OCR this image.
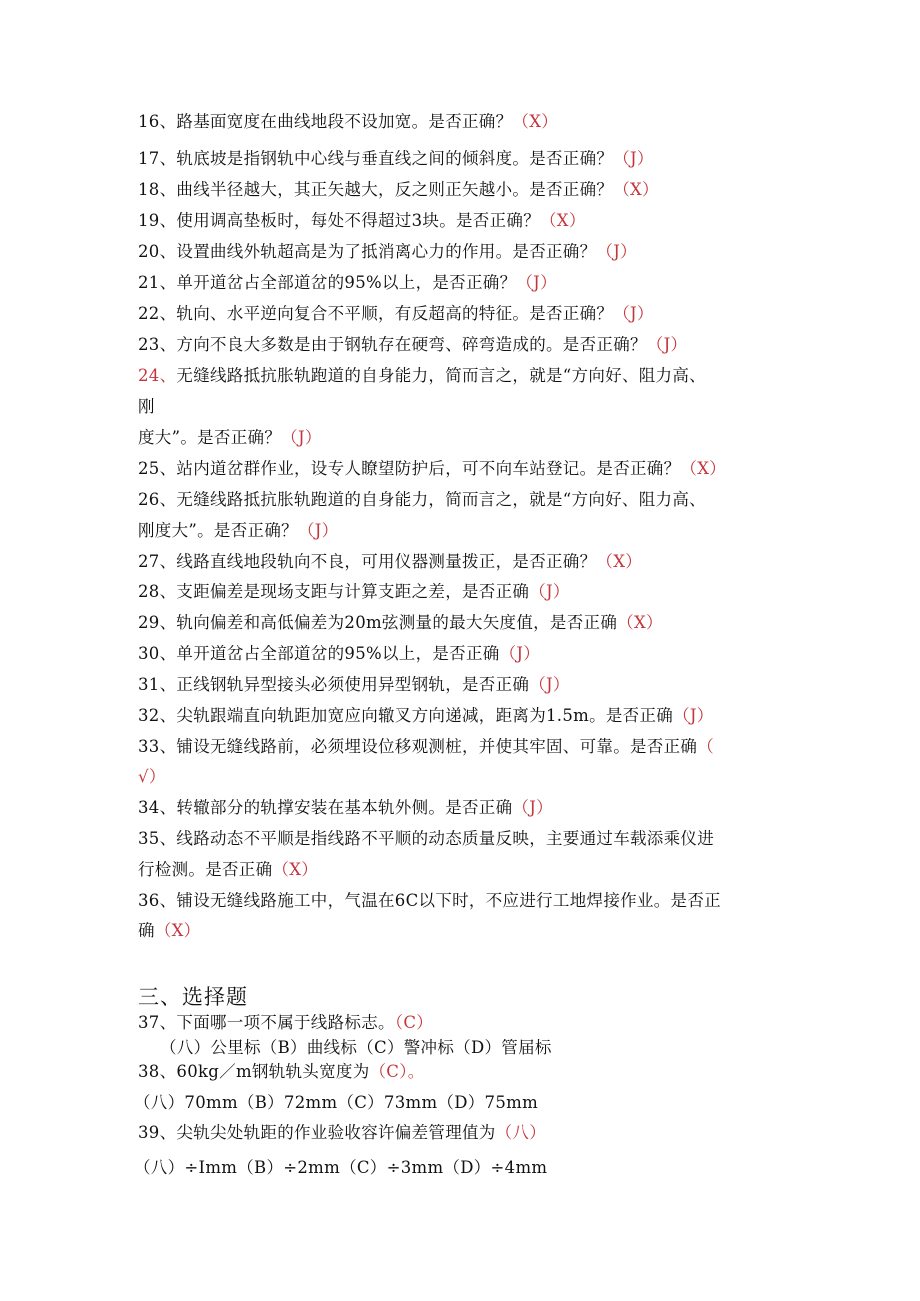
16、路基面宽度在曲线地段不设加宽。是否正确？（X）
17、轨底坡是指钢轨中心线与垂直线之间的倾斜度。是否正确？（J）
18、曲线半径越大，其正矢越大，反之则正矢越小。是否正确？（X）
19、使用调高垫板时，每处不得超过3块。是否正确？（X）
20、设置曲线外轨超高是为了抵消离心力的作用。是否正确？（J）
21、单开道岔占全部道岔的95%以上，是否正确？（J）
22、轨向、水平逆向复合不平顺，有反超高的特征。是否正确？（J）
23、方向不良大多数是由于钢轨存在硬弯、碎弯造成的。是否正确？（J）
24、无缝线路抵抗胀轨跑道的自身能力，简而言之，就是“方向好、阻力高、
刚
度大”。是否正确？（J）
25、站内道岔群作业，设专人瞭望防护后，可不向车站登记。是否正确？（X）
26、无缝线路抵抗胀轨跑道的自身能力，简而言之，就是“方向好、阻力高、
刚度大”。是否正确？（J）
27、线路直线地段轨向不良，可用仪器测量拨正，是否正确？（X）
28、支距偏差是现场支距与计算支距之差，是否正确（J）
29、轨向偏差和高低偏差为20m弦测量的最大矢度值，是否正确（X）
30、单开道岔占全部道岔的95%以上，是否正确（J）
31、正线钢轨异型接头必须使用异型钢轨，是否正确（J）
32、尖轨跟端直向轨距加宽应向辙叉方向递减，距离为1.5m。是否正确（J）
33、铺设无缝线路前，必须埋设位移观测桩，并使其牢固、可靠。是否正确（
√）
34、转辙部分的轨撑安装在基本轨外侧。是否正确（J）
35、线路动态不平顺是指线路不平顺的动态质量反映，主要通过车载添乘仪进
行检测。是否正确（X）
36、铺设无缝线路施工中，气温在6C以下时，不应进行工地焊接作业。是否正
确（X）
三、选择题
37、下面哪一项不属于线路标志。（C）
（八）公里标（B）曲线标（C）警冲标（D）管届标
38、60kg／m钢轨轨头宽度为（C）。
（八）70mm（B）72mm（C）73mm（D）75mm
39、尖轨尖处轨距的作业验收容许偏差管理值为（八）
（八）÷Imm（B）÷2mm（C）÷3mm（D）÷4mm
